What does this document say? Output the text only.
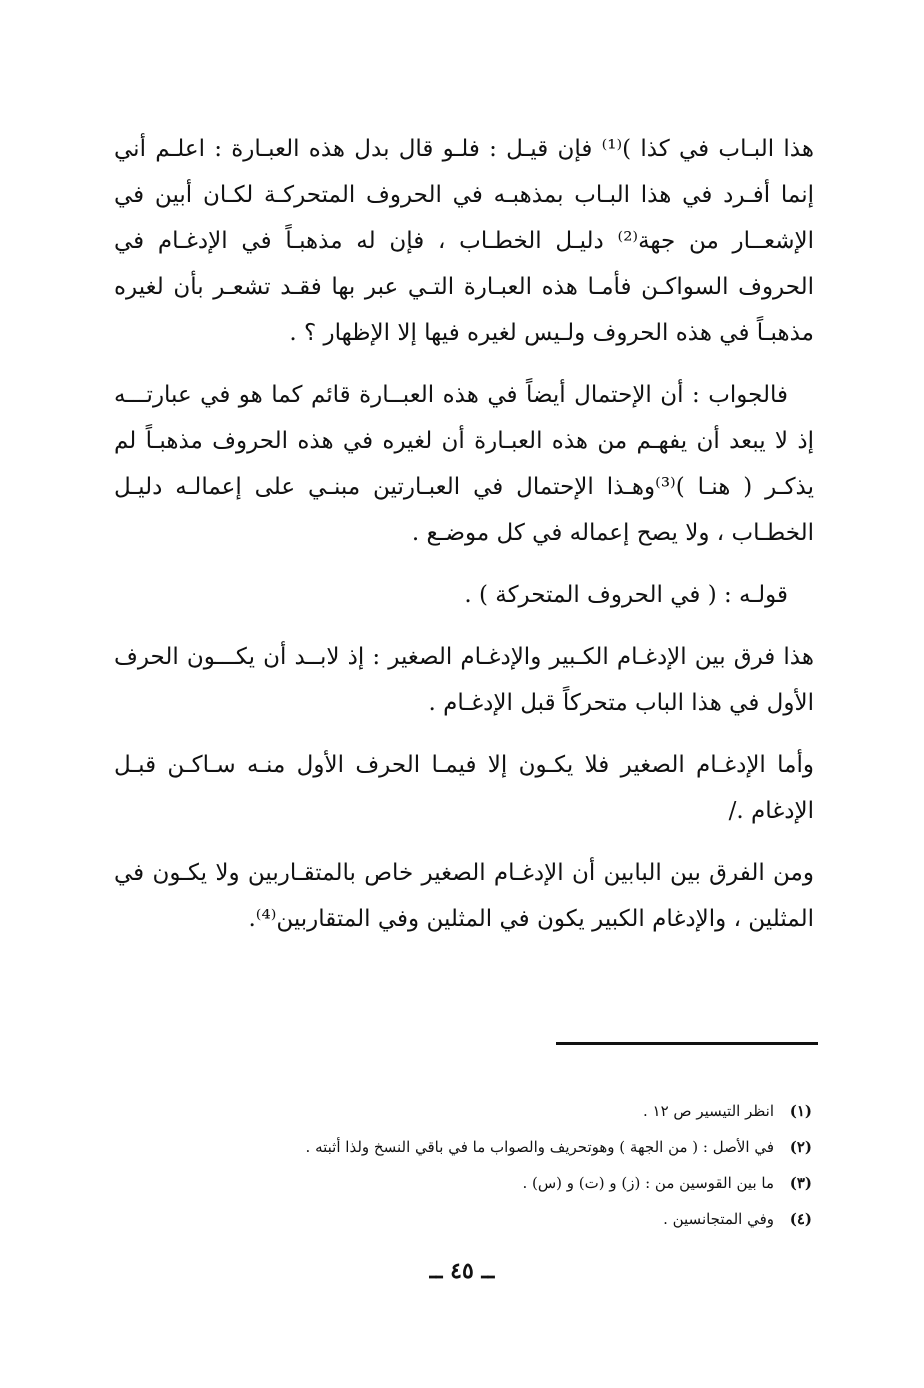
هذا البـاب في كذا )⁽¹⁾ فإن قيـل : فلـو قال بدل هذه العبـارة : اعلـم أني إنما أفـرد في هذا البـاب بمذهبـه في الحروف المتحركـة لكـان أبين في الإشعــار من جهة⁽²⁾ دليـل الخطـاب ، فإن له مذهبـاً في الإدغـام في الحروف السواكـن فأمـا هذه العبـارة التـي عبر بها فقـد تشعـر بأن لغيره مذهبـاً في هذه الحروف ولـيس لغيره فيها إلا الإظهار ؟ .

فالجواب : أن الإحتمال أيضاً في هذه العبــارة قائم كما هو في عبارتـــه إذ لا يبعد أن يفهـم من هذه العبـارة أن لغيره في هذه الحروف مذهبـاً لم يذكـر ( هنـا )⁽³⁾وهـذا الإحتمال في العبـارتين مبنـي على إعمالـه دليـل الخطـاب ، ولا يصح إعماله في كل موضـع .

قولـه : ( في الحروف المتحركة ) .

هذا فرق بين الإدغـام الكـبير والإدغـام الصغير : إذ لابــد أن يكـــون الحرف الأول في هذا الباب متحركاً قبل الإدغـام .

وأما الإدغـام الصغير فلا يكـون إلا فيمـا الحرف الأول منـه سـاكـن قبـل الإدغام ./

ومن الفرق بين البابين أن الإدغـام الصغير خاص بالمتقـاربين ولا يكـون في المثلين ، والإدغام الكبير يكون في المثلين وفي المتقاربين⁽⁴⁾.

(١)
انظر التيسير ص ١٢ .
(٢)
في الأصل : ( من الجهة ) وهوتحريف والصواب ما في باقي النسخ ولذا أثبته .
(٣)
ما بين القوسين من : (ز) و (ت) و (س) .
(٤)
وفي المتجانسين .
ــ ٤٥ ــ
